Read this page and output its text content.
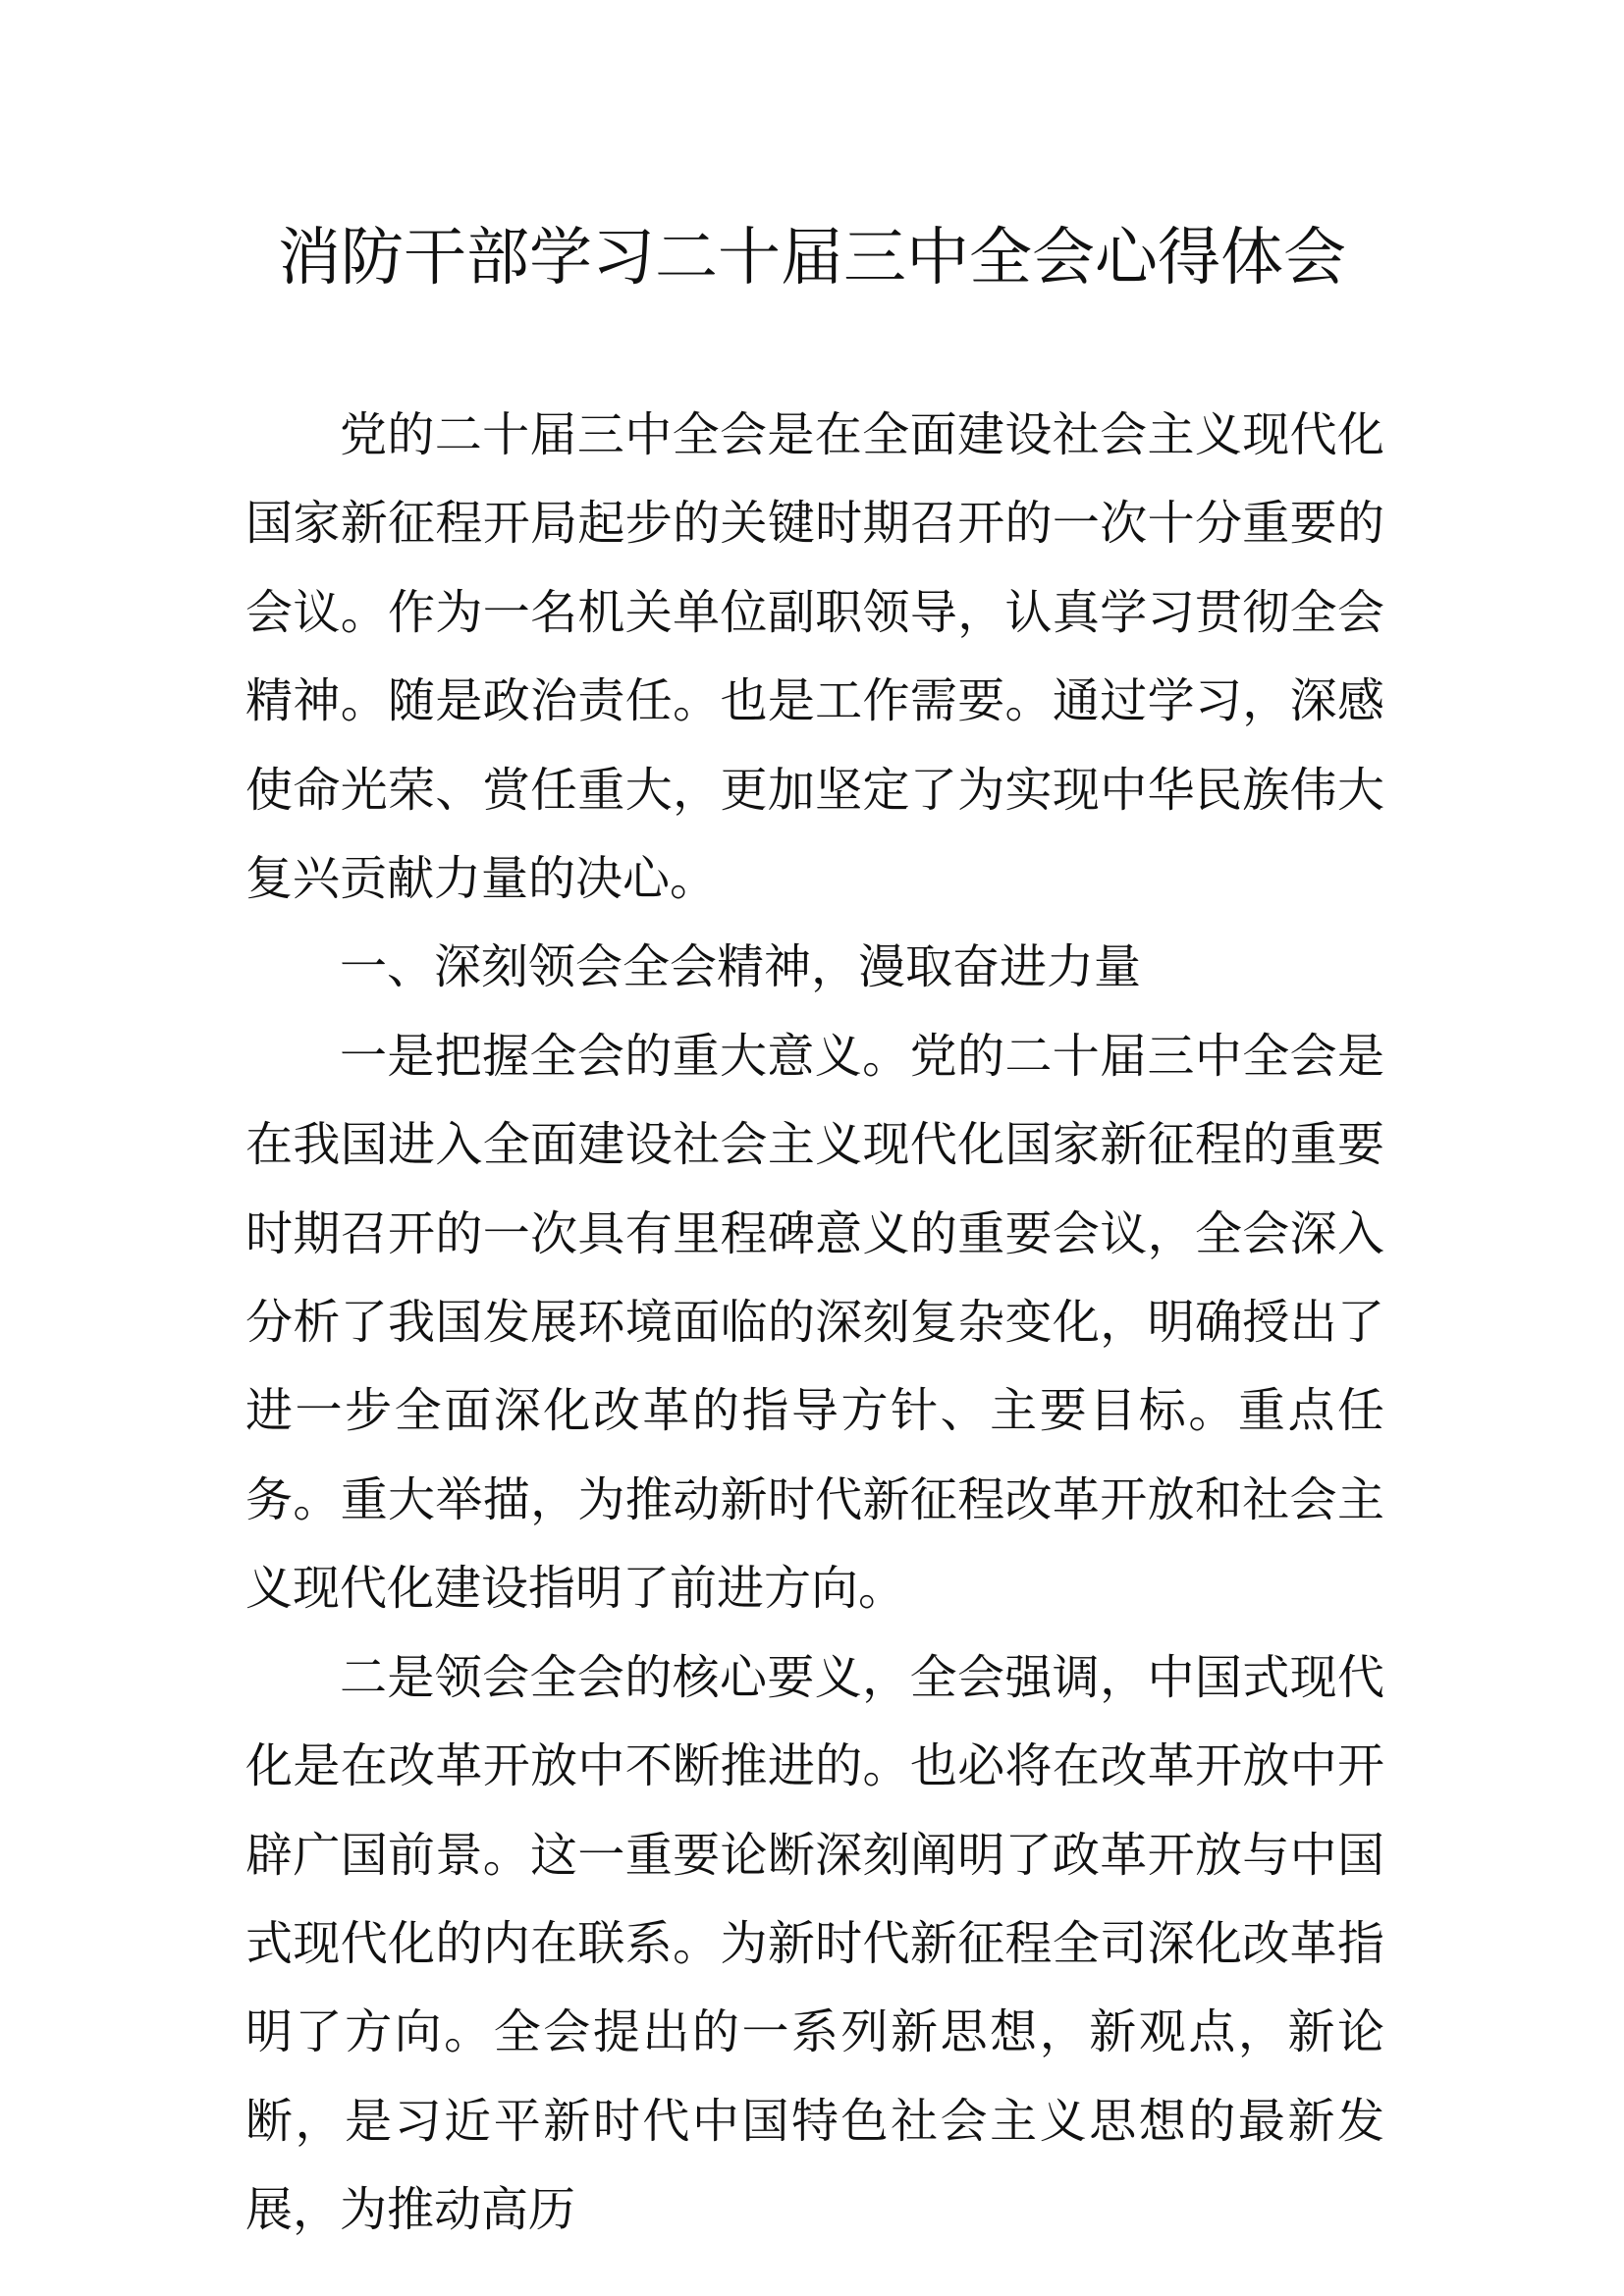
消防干部学习二十届三中全会心得体会

党的二十届三中全会是在全面建设社会主义现代化国家新征程开局起步的关键时期召开的一次十分重要的会议。作为一名机关单位副职领导，认真学习贯彻全会精神。随是政治责任。也是工作需要。通过学习，深感使命光荣、赏任重大，更加坚定了为实现中华民族伟大复兴贡献力量的决心。

一、深刻领会全会精神，漫取奋进力量

一是把握全会的重大意义。党的二十届三中全会是在我国进入全面建设社会主义现代化国家新征程的重要时期召开的一次具有里程碑意义的重要会议，全会深入分析了我国发展环境面临的深刻复杂变化，明确授出了进一步全面深化改革的指导方针、主要目标。重点任务。重大举描，为推动新时代新征程改革开放和社会主义现代化建设指明了前进方向。

二是领会全会的核心要义，全会强调，中国式现代化是在改革开放中不断推进的。也必将在改革开放中开辟广国前景。这一重要论断深刻阐明了政革开放与中国式现代化的内在联系。为新时代新征程全司深化改革指明了方向。全会提出的一系列新思想，新观点，新论断，是习近平新时代中国特色社会主义思想的最新发展，为推动高历
